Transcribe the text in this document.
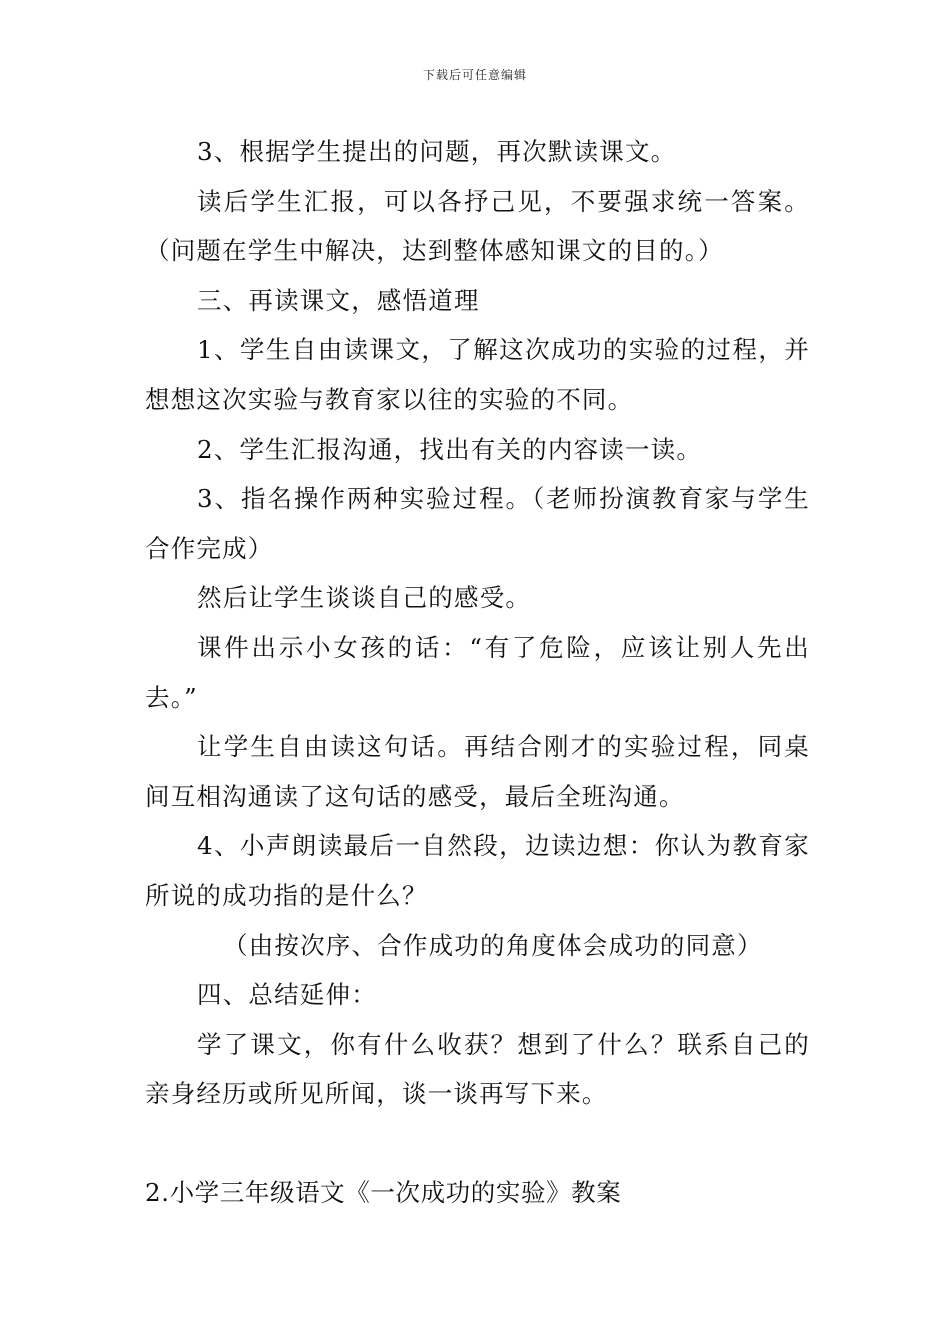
下载后可任意编辑

3、根据学生提出的问题，再次默读课文。

读后学生汇报，可以各抒己见，不要强求统一答案。（问题在学生中解决，达到整体感知课文的目的。）

三、再读课文，感悟道理

1、学生自由读课文，了解这次成功的实验的过程，并想想这次实验与教育家以往的实验的不同。

2、学生汇报沟通，找出有关的内容读一读。

3、指名操作两种实验过程。（老师扮演教育家与学生合作完成）

然后让学生谈谈自己的感受。

课件出示小女孩的话：“有了危险，应该让别人先出去。”

让学生自由读这句话。再结合刚才的实验过程，同桌间互相沟通读了这句话的感受，最后全班沟通。

4、小声朗读最后一自然段，边读边想：你认为教育家所说的成功指的是什么？

（由按次序、合作成功的角度体会成功的同意）

四、总结延伸：

学了课文，你有什么收获？想到了什么？联系自己的亲身经历或所见所闻，谈一谈再写下来。

2.小学三年级语文《一次成功的实验》教案
